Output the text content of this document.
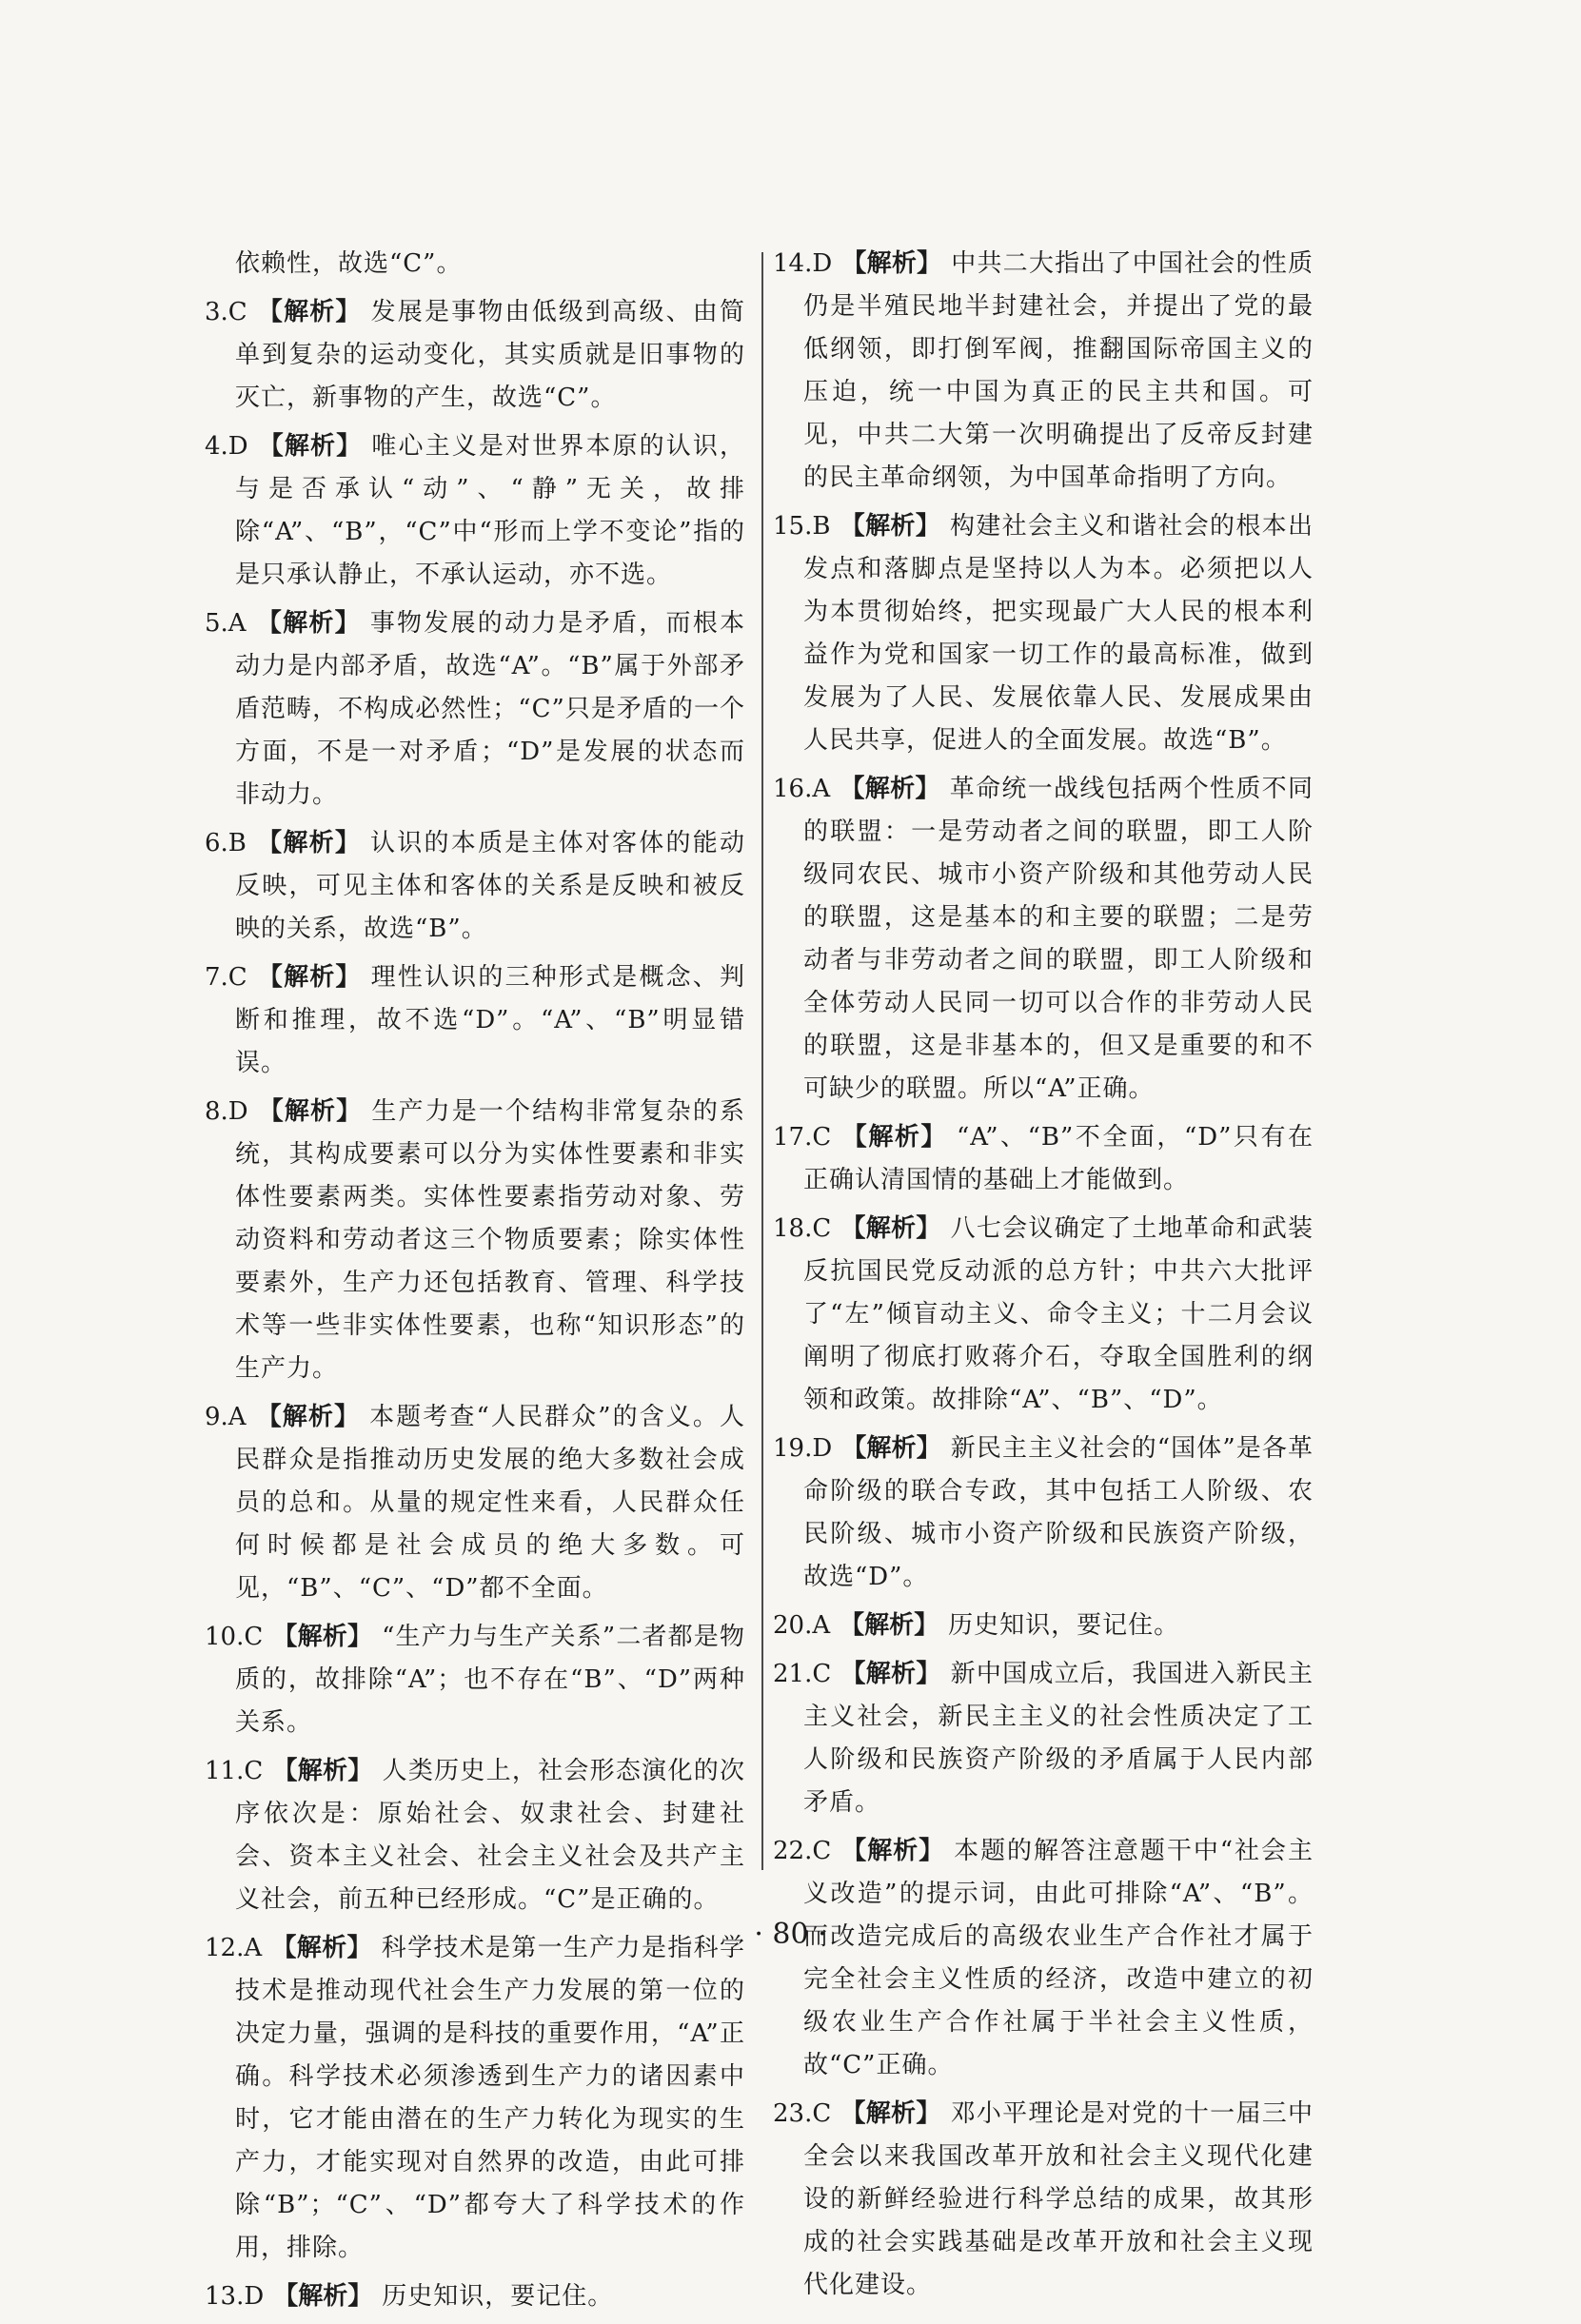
依赖性，故选“C”。
3.C 【解析】 发展是事物由低级到高级、由简单到复杂的运动变化，其实质就是旧事物的灭亡，新事物的产生，故选“C”。
4.D 【解析】 唯心主义是对世界本原的认识，与是否承认“动”、“静”无关，故排除“A”、“B”，“C”中“形而上学不变论”指的是只承认静止，不承认运动，亦不选。
5.A 【解析】 事物发展的动力是矛盾，而根本动力是内部矛盾，故选“A”。“B”属于外部矛盾范畴，不构成必然性；“C”只是矛盾的一个方面，不是一对矛盾；“D”是发展的状态而非动力。
6.B 【解析】 认识的本质是主体对客体的能动反映，可见主体和客体的关系是反映和被反映的关系，故选“B”。
7.C 【解析】 理性认识的三种形式是概念、判断和推理，故不选“D”。“A”、“B”明显错误。
8.D 【解析】 生产力是一个结构非常复杂的系统，其构成要素可以分为实体性要素和非实体性要素两类。实体性要素指劳动对象、劳动资料和劳动者这三个物质要素；除实体性要素外，生产力还包括教育、管理、科学技术等一些非实体性要素，也称“知识形态”的生产力。
9.A 【解析】 本题考查“人民群众”的含义。人民群众是指推动历史发展的绝大多数社会成员的总和。从量的规定性来看，人民群众任何时候都是社会成员的绝大多数。可见，“B”、“C”、“D”都不全面。
10.C 【解析】 “生产力与生产关系”二者都是物质的，故排除“A”；也不存在“B”、“D”两种关系。
11.C 【解析】 人类历史上，社会形态演化的次序依次是：原始社会、奴隶社会、封建社会、资本主义社会、社会主义社会及共产主义社会，前五种已经形成。“C”是正确的。
12.A 【解析】 科学技术是第一生产力是指科学技术是推动现代社会生产力发展的第一位的决定力量，强调的是科技的重要作用，“A”正确。科学技术必须渗透到生产力的诸因素中时，它才能由潜在的生产力转化为现实的生产力，才能实现对自然界的改造，由此可排除“B”；“C”、“D”都夸大了科学技术的作用，排除。
13.D 【解析】 历史知识，要记住。
14.D 【解析】 中共二大指出了中国社会的性质仍是半殖民地半封建社会，并提出了党的最低纲领，即打倒军阀，推翻国际帝国主义的压迫，统一中国为真正的民主共和国。可见，中共二大第一次明确提出了反帝反封建的民主革命纲领，为中国革命指明了方向。
15.B 【解析】 构建社会主义和谐社会的根本出发点和落脚点是坚持以人为本。必须把以人为本贯彻始终，把实现最广大人民的根本利益作为党和国家一切工作的最高标准，做到发展为了人民、发展依靠人民、发展成果由人民共享，促进人的全面发展。故选“B”。
16.A 【解析】 革命统一战线包括两个性质不同的联盟：一是劳动者之间的联盟，即工人阶级同农民、城市小资产阶级和其他劳动人民的联盟，这是基本的和主要的联盟；二是劳动者与非劳动者之间的联盟，即工人阶级和全体劳动人民同一切可以合作的非劳动人民的联盟，这是非基本的，但又是重要的和不可缺少的联盟。所以“A”正确。
17.C 【解析】 “A”、“B”不全面，“D”只有在正确认清国情的基础上才能做到。
18.C 【解析】 八七会议确定了土地革命和武装反抗国民党反动派的总方针；中共六大批评了“左”倾盲动主义、命令主义；十二月会议阐明了彻底打败蒋介石，夺取全国胜利的纲领和政策。故排除“A”、“B”、“D”。
19.D 【解析】 新民主主义社会的“国体”是各革命阶级的联合专政，其中包括工人阶级、农民阶级、城市小资产阶级和民族资产阶级，故选“D”。
20.A 【解析】 历史知识，要记住。
21.C 【解析】 新中国成立后，我国进入新民主主义社会，新民主主义的社会性质决定了工人阶级和民族资产阶级的矛盾属于人民内部矛盾。
22.C 【解析】 本题的解答注意题干中“社会主义改造”的提示词，由此可排除“A”、“B”。而改造完成后的高级农业生产合作社才属于完全社会主义性质的经济，改造中建立的初级农业生产合作社属于半社会主义性质，故“C”正确。
23.C 【解析】 邓小平理论是对党的十一届三中全会以来我国改革开放和社会主义现代化建设的新鲜经验进行科学总结的成果，故其形成的社会实践基础是改革开放和社会主义现代化建设。
· 80 ·
